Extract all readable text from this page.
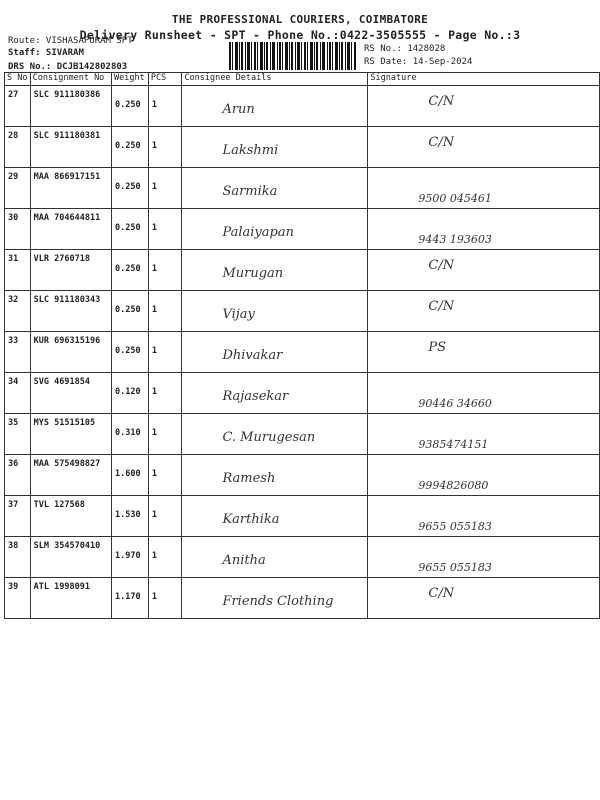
THE PROFESSIONAL COURIERS, COIMBATORE
Delivery Runsheet - SPT - Phone No.:0422-3505555 - Page No.:3
Route: VISHASAPURAM SPT
Staff: SIVARAM
DRS No.: DCJB142802803
RS No.: 1428028
RS Date: 14-Sep-2024
S No	Consignment No	Weight	PCS	Consignee Details	Signature
27	SLC 911180386	0.250	1	Arun	C/N

28	SLC 911180381	0.250	1	Lakshmi	C/N

29	MAA 866917151	0.250	1	Sarmika	9500 045461

30	MAA 704644811	0.250	1	Palaiyapan	9443 193603

31	VLR 2760718	0.250	1	Murugan	C/N

32	SLC 911180343	0.250	1	Vijay	C/N

33	KUR 696315196	0.250	1	Dhivakar	PS

34	SVG 4691854	0.120	1	Rajasekar	90446 34660

35	MYS 51515105	0.310	1	C. Murugesan	9385474151

36	MAA 575498827	1.600	1	Ramesh	9994826080

37	TVL 127568	1.530	1	Karthika	9655 055183

38	SLM 354570410	1.970	1	Anitha	9655 055183

39	ATL 1998091	1.170	1	Friends Clothing	C/N
